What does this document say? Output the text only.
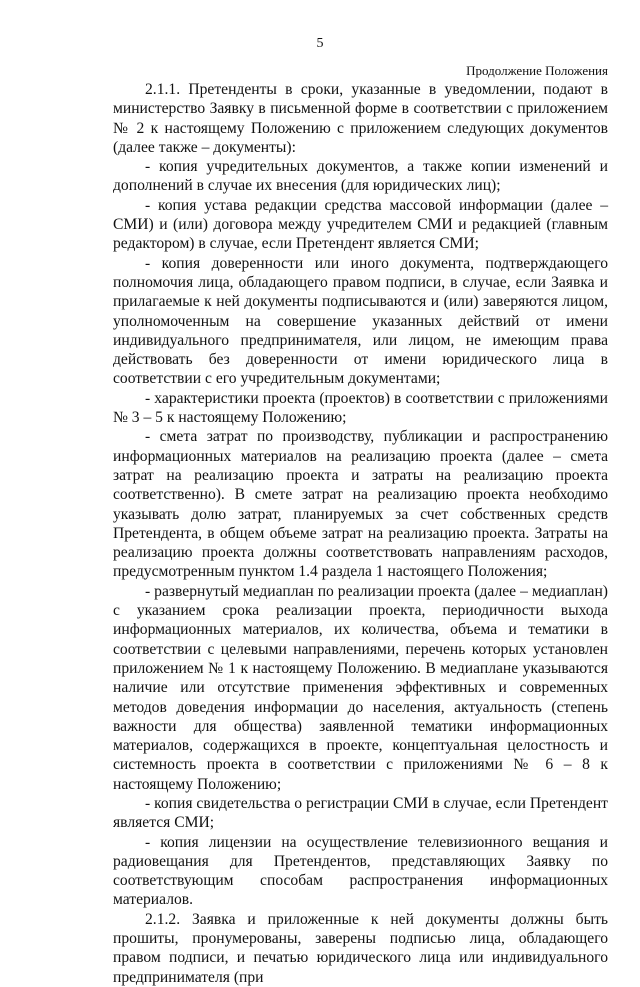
5
Продолжение Положения

2.1.1. Претенденты в сроки, указанные в уведомлении, подают в министерство Заявку в письменной форме в соответствии с приложением № 2 к настоящему Положению с приложением следующих документов (далее также – документы):

- копия учредительных документов, а также копии изменений и дополнений в случае их внесения (для юридических лиц);

- копия устава редакции средства массовой информации (далее – СМИ) и (или) договора между учредителем СМИ и редакцией (главным редактором) в случае, если Претендент является СМИ;

- копия доверенности или иного документа, подтверждающего полномочия лица, обладающего правом подписи, в случае, если Заявка и прилагаемые к ней документы подписываются и (или) заверяются лицом, уполномоченным на совершение указанных действий от имени индивидуального предпринимателя, или лицом, не имеющим права действовать без доверенности от имени юридического лица в соответствии с его учредительным документами;

- характеристики проекта (проектов) в соответствии с приложениями № 3 – 5 к настоящему Положению;

- смета затрат по производству, публикации и распространению информационных материалов на реализацию проекта (далее – смета затрат на реализацию проекта и затраты на реализацию проекта соответственно). В смете затрат на реализацию проекта необходимо указывать долю затрат, планируемых за счет собственных средств Претендента, в общем объеме затрат на реализацию проекта. Затраты на реализацию проекта должны соответствовать направлениям расходов, предусмотренным пунктом 1.4 раздела 1 настоящего Положения;

- развернутый медиаплан по реализации проекта (далее – медиаплан) с указанием срока реализации проекта, периодичности выхода информационных материалов, их количества, объема и тематики в соответствии с целевыми направлениями, перечень которых установлен приложением № 1 к настоящему Положению. В медиаплане указываются наличие или отсутствие применения эффективных и современных методов доведения информации до населения, актуальность (степень важности для общества) заявленной тематики информационных материалов, содержащихся в проекте, концептуальная целостность и системность проекта в соответствии с приложениями № 6 – 8 к настоящему Положению;

- копия свидетельства о регистрации СМИ в случае, если Претендент является СМИ;

- копия лицензии на осуществление телевизионного вещания и радиовещания для Претендентов, представляющих Заявку по соответствующим способам распространения информационных материалов.

2.1.2. Заявка и приложенные к ней документы должны быть прошиты, пронумерованы, заверены подписью лица, обладающего правом подписи, и печатью юридического лица или индивидуального предпринимателя (при
